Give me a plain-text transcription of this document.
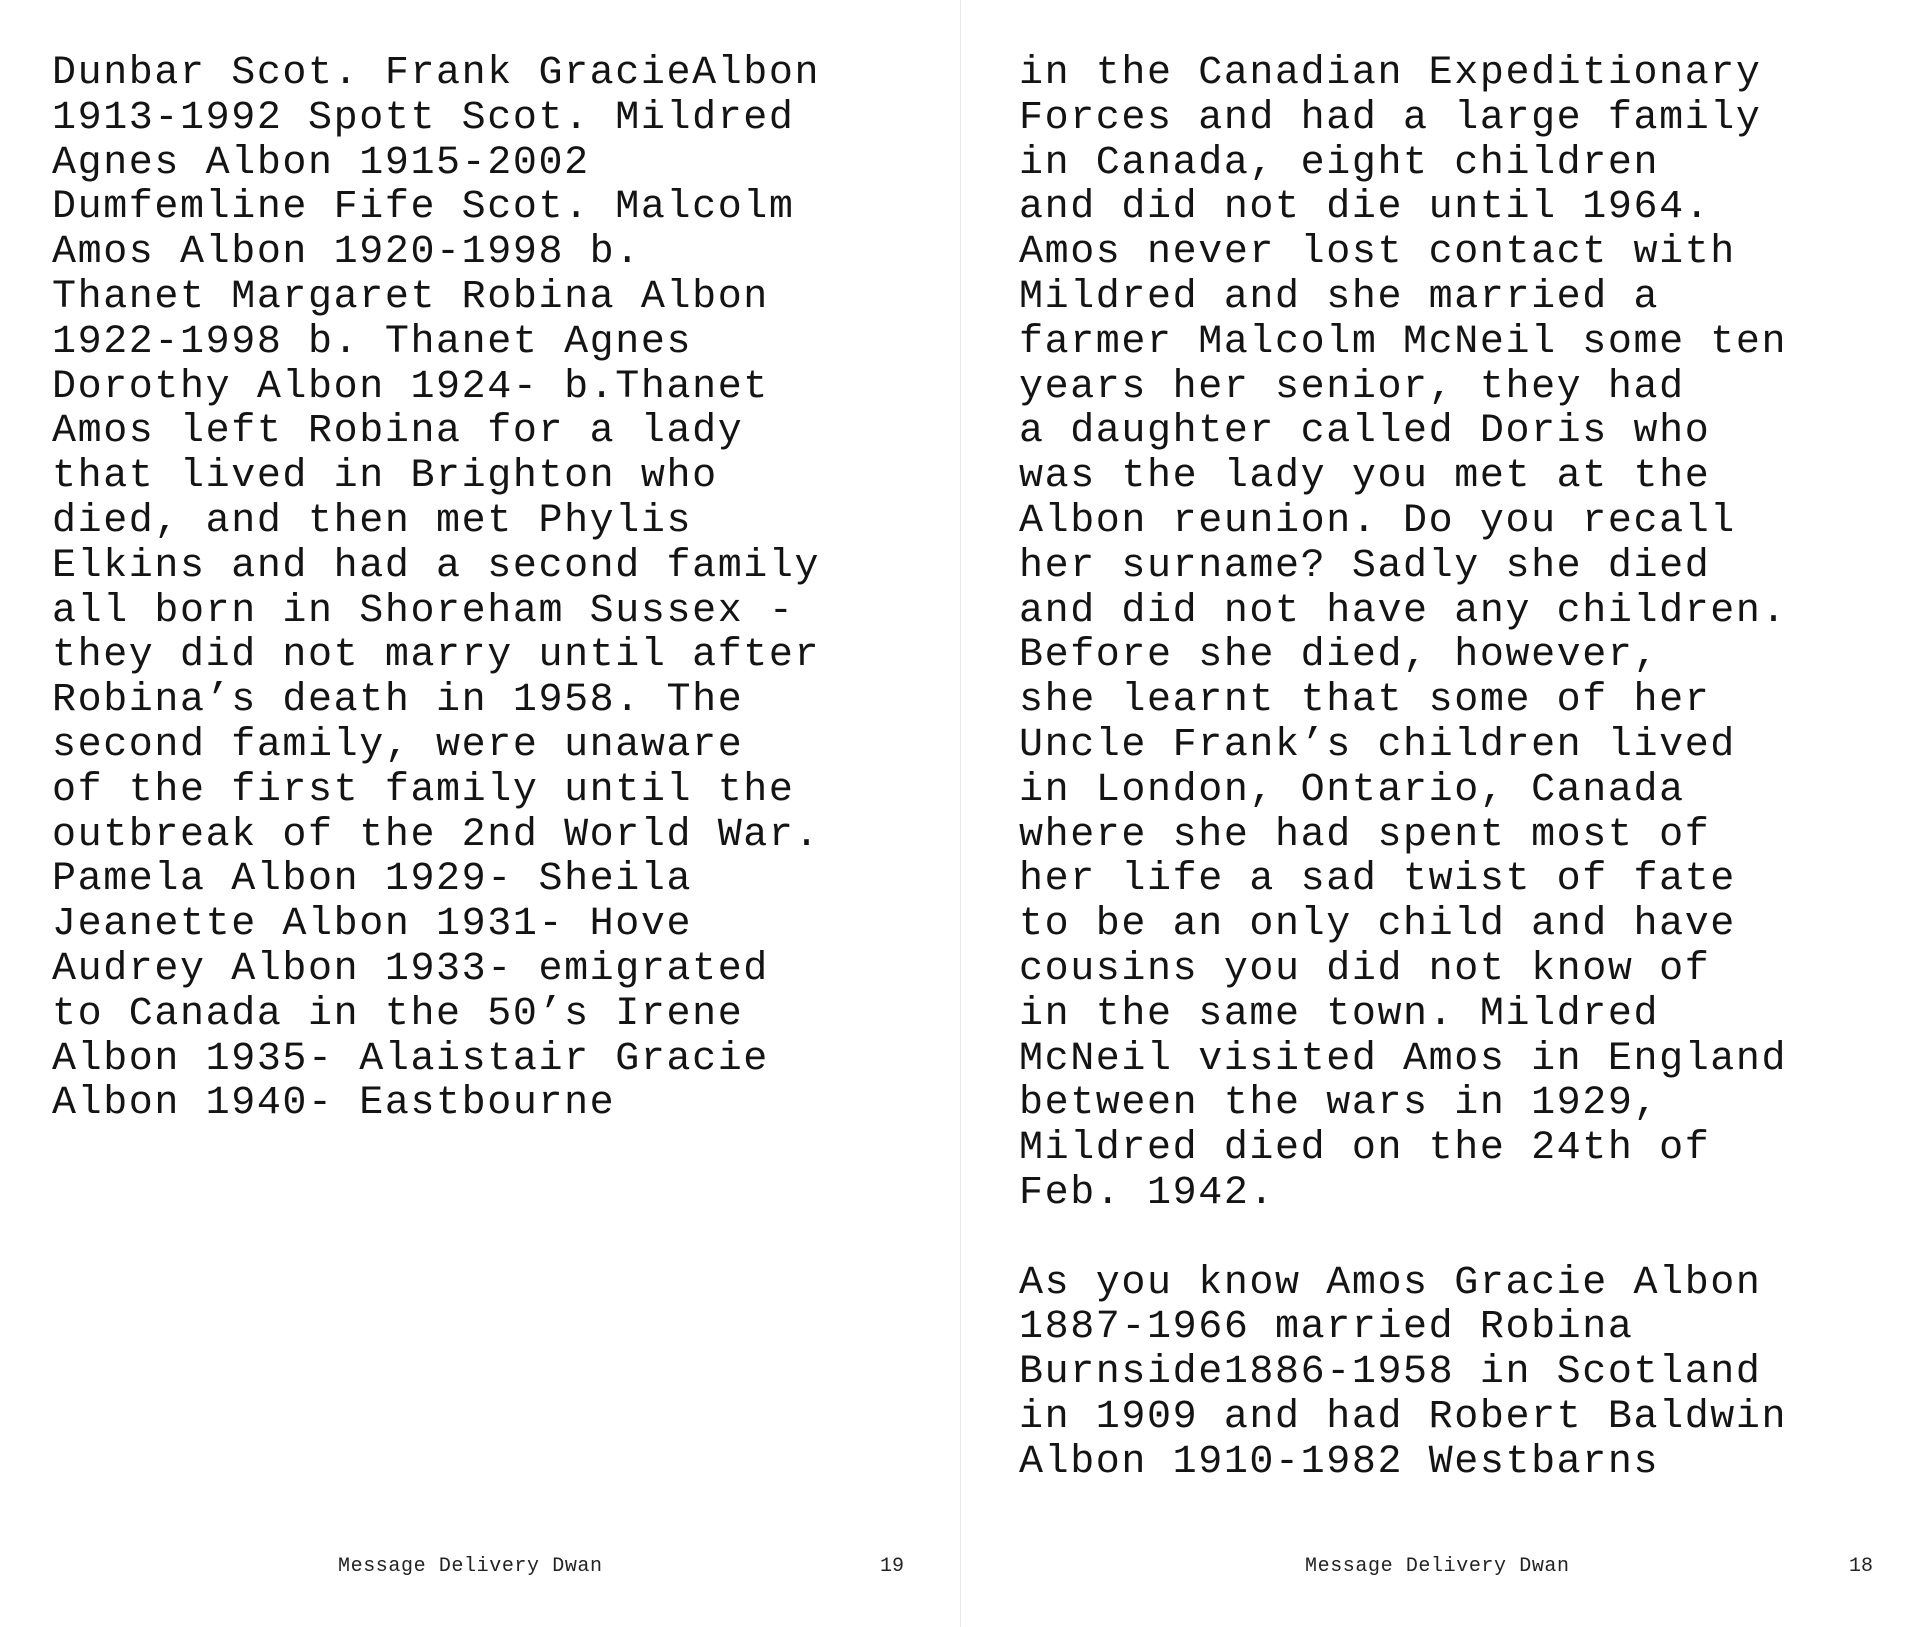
Dunbar Scot. Frank GracieAlbon
1913-1992 Spott Scot. Mildred
Agnes Albon 1915-2002
Dumfemline Fife Scot. Malcolm
Amos Albon 1920-1998 b.
Thanet Margaret Robina Albon
1922-1998 b. Thanet Agnes
Dorothy Albon 1924- b.Thanet
Amos left Robina for a lady
that lived in Brighton who
died, and then met Phylis
Elkins and had a second family
all born in Shoreham Sussex -
they did not marry until after
Robina’s death in 1958. The
second family, were unaware
of the first family until the
outbreak of the 2nd World War.
Pamela Albon 1929- Sheila
Jeanette Albon 1931- Hove
Audrey Albon 1933- emigrated
to Canada in the 50’s Irene
Albon 1935- Alaistair Gracie
Albon 1940- Eastbourne
Message Delivery Dwan	19
in the Canadian Expeditionary
Forces and had a large family
in Canada, eight children
and did not die until 1964.
Amos never lost contact with
Mildred and she married a
farmer Malcolm McNeil some ten
years her senior, they had
a daughter called Doris who
was the lady you met at the
Albon reunion. Do you recall
her surname? Sadly she died
and did not have any children.
Before she died, however,
she learnt that some of her
Uncle Frank’s children lived
in London, Ontario, Canada
where she had spent most of
her life a sad twist of fate
to be an only child and have
cousins you did not know of
in the same town. Mildred
McNeil visited Amos in England
between the wars in 1929,
Mildred died on the 24th of
Feb. 1942.

As you know Amos Gracie Albon
1887-1966 married Robina
Burnside1886-1958 in Scotland
in 1909 and had Robert Baldwin
Albon 1910-1982 Westbarns
Message Delivery Dwan	18
